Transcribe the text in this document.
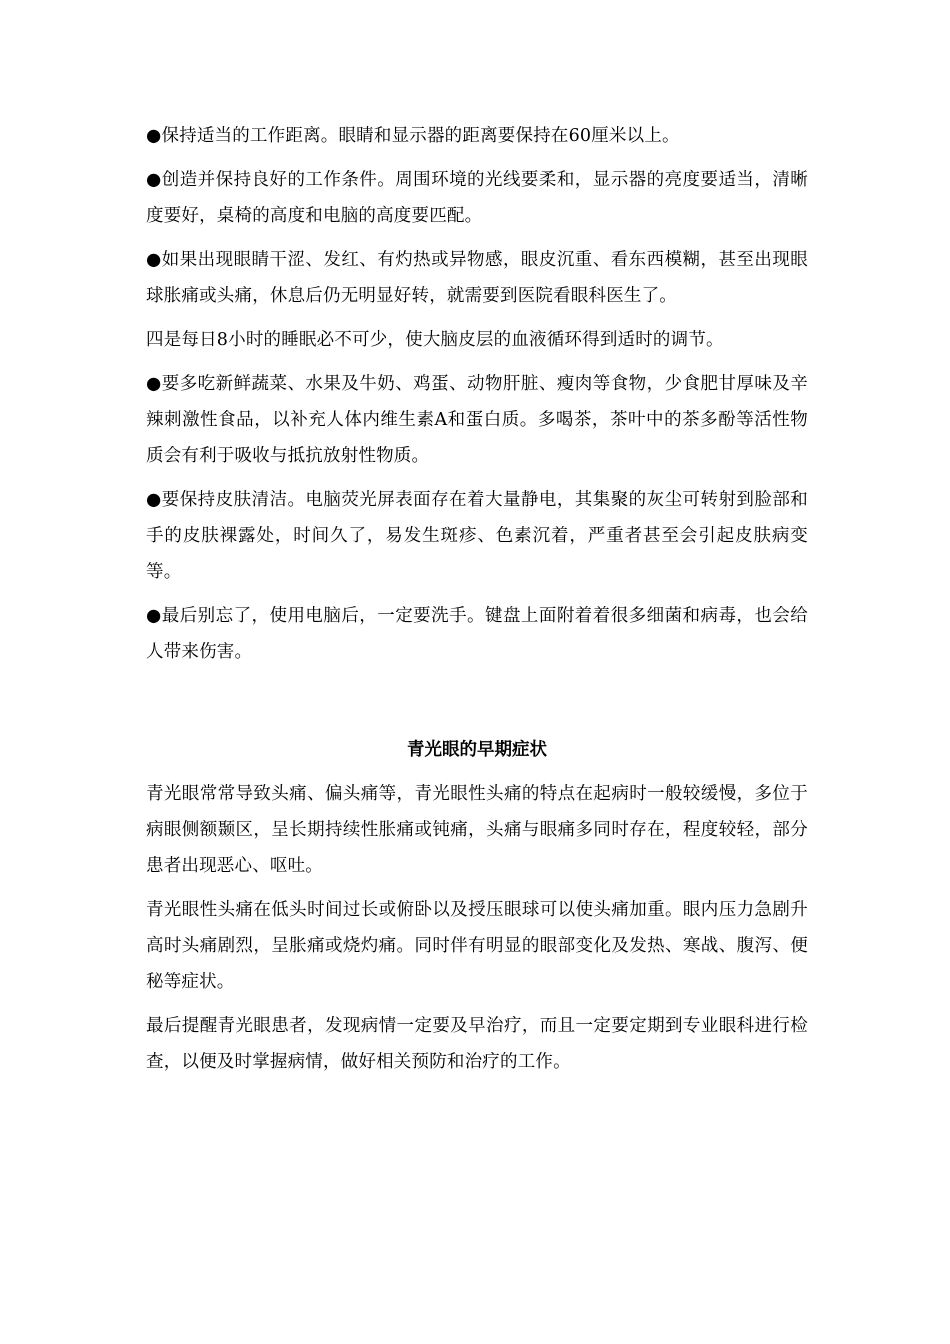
●保持适当的工作距离。眼睛和显示器的距离要保持在60厘米以上。

●创造并保持良好的工作条件。周围环境的光线要柔和，显示器的亮度要适当，清晰度要好，桌椅的高度和电脑的高度要匹配。

●如果出现眼睛干涩、发红、有灼热或异物感，眼皮沉重、看东西模糊，甚至出现眼球胀痛或头痛，休息后仍无明显好转，就需要到医院看眼科医生了。

四是每日8小时的睡眠必不可少，使大脑皮层的血液循环得到适时的调节。

●要多吃新鲜蔬菜、水果及牛奶、鸡蛋、动物肝脏、瘦肉等食物，少食肥甘厚味及辛辣刺激性食品，以补充人体内维生素A和蛋白质。多喝茶，茶叶中的茶多酚等活性物质会有利于吸收与抵抗放射性物质。

●要保持皮肤清洁。电脑荧光屏表面存在着大量静电，其集聚的灰尘可转射到脸部和手的皮肤裸露处，时间久了，易发生斑疹、色素沉着，严重者甚至会引起皮肤病变等。

●最后别忘了，使用电脑后，一定要洗手。键盘上面附着着很多细菌和病毒，也会给人带来伤害。

青光眼的早期症状

青光眼常常导致头痛、偏头痛等，青光眼性头痛的特点在起病时一般较缓慢，多位于病眼侧额颞区，呈长期持续性胀痛或钝痛，头痛与眼痛多同时存在，程度较轻，部分患者出现恶心、呕吐。

青光眼性头痛在低头时间过长或俯卧以及授压眼球可以使头痛加重。眼内压力急剧升高时头痛剧烈，呈胀痛或烧灼痛。同时伴有明显的眼部变化及发热、寒战、腹泻、便秘等症状。

最后提醒青光眼患者，发现病情一定要及早治疗，而且一定要定期到专业眼科进行检查，以便及时掌握病情，做好相关预防和治疗的工作。
